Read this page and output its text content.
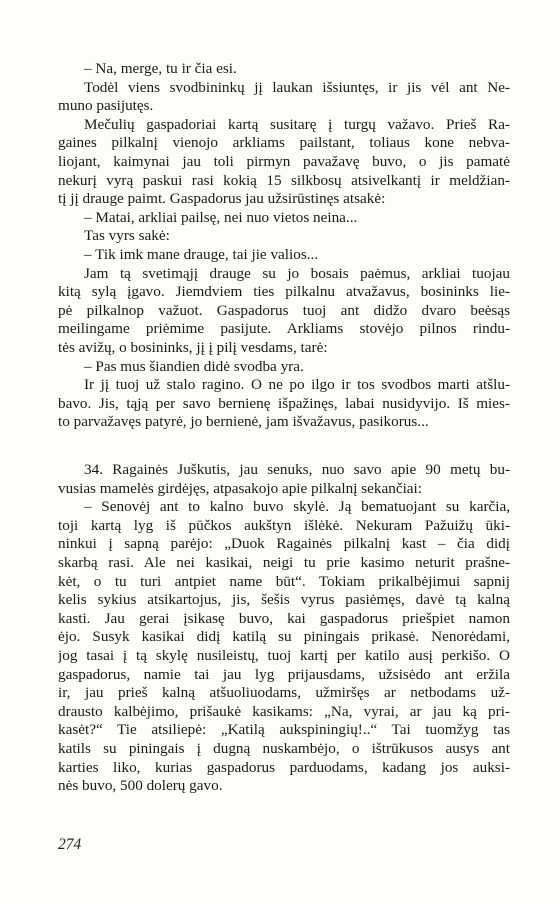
– Na, merge, tu ir čia esi.
Todėl viens svodbininkų jį laukan išsiuntęs, ir jis vėl ant Ne-
muno pasijutęs.
Mečulių gaspadoriai kartą susitarę į turgų važavo. Prieš Ra-
gaines pilkalnį vienojo arkliams pailstant, toliaus kone nebva-
liojant, kaimynai jau toli pirmyn pavažavę buvo, o jis pamatė
nekurį vyrą paskui rasi kokią 15 silkbosų atsivelkantį ir meldžian-
tį jį drauge paimt. Gaspadorus jau užsirūstinęs atsakė:
– Matai, arkliai pailsę, nei nuo vietos neina...
Tas vyrs sakė:
– Tik imk mane drauge, tai jie valios...
Jam tą svetimąjį drauge su jo bosais paėmus, arkliai tuojau
kitą sylą įgavo. Jiemdviem ties pilkalnu atvažavus, bosininks lie-
pė pilkalnop važuot. Gaspadorus tuoj ant didžo dvaro beėsąs
meilingame priėmime pasijute. Arkliams stovėjo pilnos rindu-
tės avižų, o bosininks, jį į pilį vesdams, tarė:
– Pas mus šiandien didė svodba yra.
Ir jį tuoj už stalo ragino. O ne po ilgo ir tos svodbos marti atšlu-
bavo. Jis, tąją per savo bernienę išpažinęs, labai nusidyvijo. Iš mies-
to parvažavęs patyrė, jo bernienė, jam išvažavus, pasikorus...
34. Ragainės Juškutis, jau senuks, nuo savo apie 90 metų bu-
vusias mamelės girdėjęs, atpasakojo apie pilkalnį sekančiai:
– Senovėj ant to kalno buvo skylė. Ją bematuojant su karčia,
toji kartą lyg iš pūčkos aukštyn išlėkė. Nekuram Pažuižų ūki-
ninkui į sapną parėjo: „Duok Ragainės pilkalnį kast – čia didį
skarbą rasi. Ale nei kasikai, neigi tu prie kasimo neturit prašne-
kėt, o tu turi antpiet name būt“. Tokiam prikalbėjimui sapnij
kelis sykius atsikartojus, jis, šešis vyrus pasiėmęs, davė tą kalną
kasti. Jau gerai įsikasę buvo, kai gaspadorus priešpiet namon
ėjo. Susyk kasikai didį katilą su piningais prikasė. Nenorėdami,
jog tasai į tą skylę nusileistų, tuoj kartį per katilo ausį perkišo. O
gaspadorus, namie tai jau lyg prijausdams, užsisėdo ant eržila
ir, jau prieš kalną atšuoliuodams, užmiršęs ar netbodams už-
drausto kalbėjimo, prišaukė kasikams: „Na, vyrai, ar jau ką pri-
kasėt?“ Tie atsiliepė: „Katilą aukspiningių!..“ Tai tuomžyg tas
katils su piningais į dugną nuskambėjo, o ištrūkusos ausys ant
karties liko, kurias gaspadorus parduodams, kadang jos auksi-
nės buvo, 500 dolerų gavo.
274
